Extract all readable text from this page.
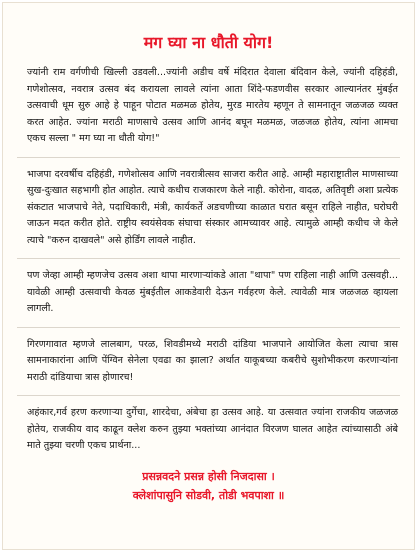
मग घ्या ना धौती योग!

ज्यांनी राम वर्गणीची खिल्ली उडवली...ज्यांनी अडीच वर्षे मंदिरात देवाला बंदिवान केले, ज्यांनी दहिहंडी, गणेशोत्सव, नवरात्र उत्सव बंद करायला लावले त्यांना आता शिंदे-फडणवीस सरकार आल्यानंतर मुंबईत उत्सवाची धूम सुरु आहे हे पाहून पोटात मळमळ होतेय, मुरड मारतेय म्हणून ते सामनातून जळजळ व्यक्त करत आहेत. ज्यांना मराठी माणसाचे उत्सव आणि आनंद बघून मळमळ, जळजळ होतेय, त्यांना आमचा एकच सल्ला " मग घ्या ना धौती योग!"

भाजपा दरवर्षीच दहिहंडी, गणेशोत्सव आणि नवरात्रीत्सव साजरा करीत आहे. आम्ही महाराष्ट्रातील माणसाच्या सुख-दुःखात सहभागी होत आहोत. त्याचे कधीच राजकारण केले नाही. कोरोना, वादळ, अतिवृष्टी अशा प्रत्येक संकटात भाजपाचे नेते, पदाधिकारी, मंत्री, कार्यकर्ते अडचणीच्या काळात घरात बसून राहिले नाहीत, घरोघरी जाऊन मदत करीत होते. राष्ट्रीय स्वयंसेवक संघाचा संस्कार आमच्यावर आहे. त्यामुळे आम्ही कधीच जे केले त्याचे "करुन दाखवले" असे होर्डिंग लावले नाहीत.

पण जेव्हा आम्ही म्हणजेच उत्सव अशा थापा मारणाऱ्यांकडे आता "थापा" पण राहिला नाही आणि उत्सवही... यावेळी आम्ही उत्सवाची केवळ मुंबईतील आकडेवारी देऊन गर्वहरण केले. त्यावेळी मात्र जळजळ व्हायला लागली.

गिरणगावात म्हणजे लालबाग, परळ, शिवडीमध्ये मराठी दांडिया भाजपाने आयोजित केला त्याचा त्रास सामनाकारांना आणि पेंग्विन सेनेला एवढा का झाला? अर्थात याकूबच्या कबरीचे सुशोभीकरण करणाऱ्यांना मराठी दांडियाचा त्रास होणारच!

अहंकार,गर्व हरण करणाऱ्या दुर्गेचा, शारदेचा, अंबेचा हा उत्सव आहे. या उत्सवात ज्यांना राजकीय जळजळ होतेय, राजकीय वाद काढून क्लेश करुन तुझ्या भक्तांच्या आनंदात विरजण घालत आहेत त्यांच्यासाठी अंबे माते तुझ्या चरणी एकच प्रार्थना...

प्रसन्नवदने प्रसन्न होसी निजदासा ।
क्लेशांपासुनि सोडवी, तोडी भवपाशा ॥
